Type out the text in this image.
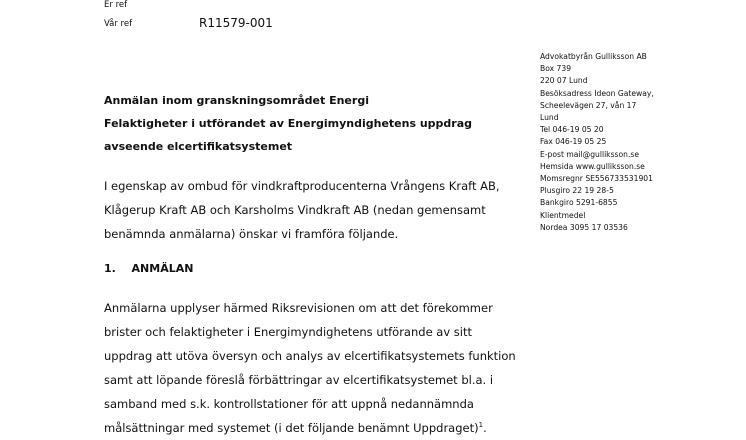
Er ref
Vår ref	R11579-001
Advokatbyrån Gulliksson AB
Box 739
220 07 Lund
Besöksadress Ideon Gateway,
Scheelevägen 27, vån 17
Lund
Tel 046-19 05 20
Fax 046-19 05 25
E-post mail@gulliksson.se
Hemsida www.gulliksson.se
Momsregnr SE556733531901
Plusgiro 22 19 28-5
Bankgiro 5291-6855
Klientmedel
Nordea 3095 17 03536
Anmälan inom granskningsområdet Energi
Felaktigheter i utförandet av Energimyndighetens uppdrag
avseende elcertifikatsystemet
I egenskap av ombud för vindkraftproducenterna Vrångens Kraft AB,
Klågerup Kraft AB och Karsholms Vindkraft AB (nedan gemensamt
benämnda anmälarna) önskar vi framföra följande.
1. ANMÄLAN
Anmälarna upplyser härmed Riksrevisionen om att det förekommer
brister och felaktigheter i Energimyndighetens utförande av sitt
uppdrag att utöva översyn och analys av elcertifikatsystemets funktion
samt att löpande föreslå förbättringar av elcertifikatsystemet bl.a. i
samband med s.k. kontrollstationer för att uppnå nedannämnda
målsättningar med systemet (i det följande benämnt Uppdraget)$^1$.
